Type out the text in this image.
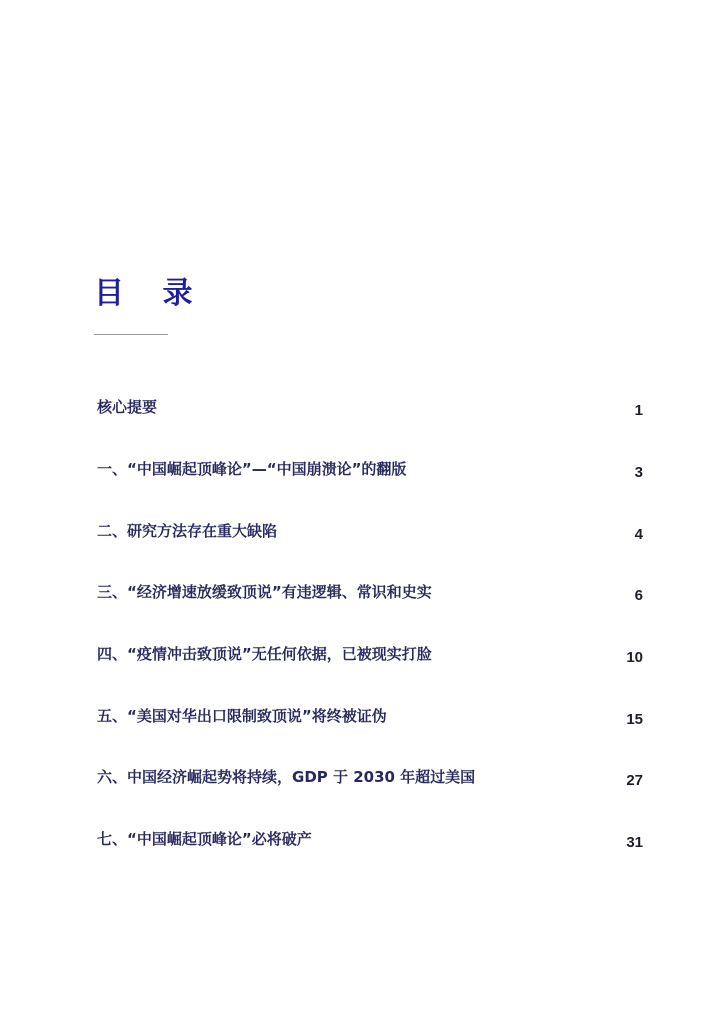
目 录
核心提要	1
一、“中国崛起顶峰论”—“中国崩溃论”的翻版	3
二、研究方法存在重大缺陷	4
三、“经济增速放缓致顶说”有违逻辑、常识和史实	6
四、“疫情冲击致顶说”无任何依据，已被现实打脸	10
五、“美国对华出口限制致顶说”将终被证伪	15
六、中国经济崛起势将持续，GDP 于 2030 年超过美国	27
七、“中国崛起顶峰论”必将破产	31
